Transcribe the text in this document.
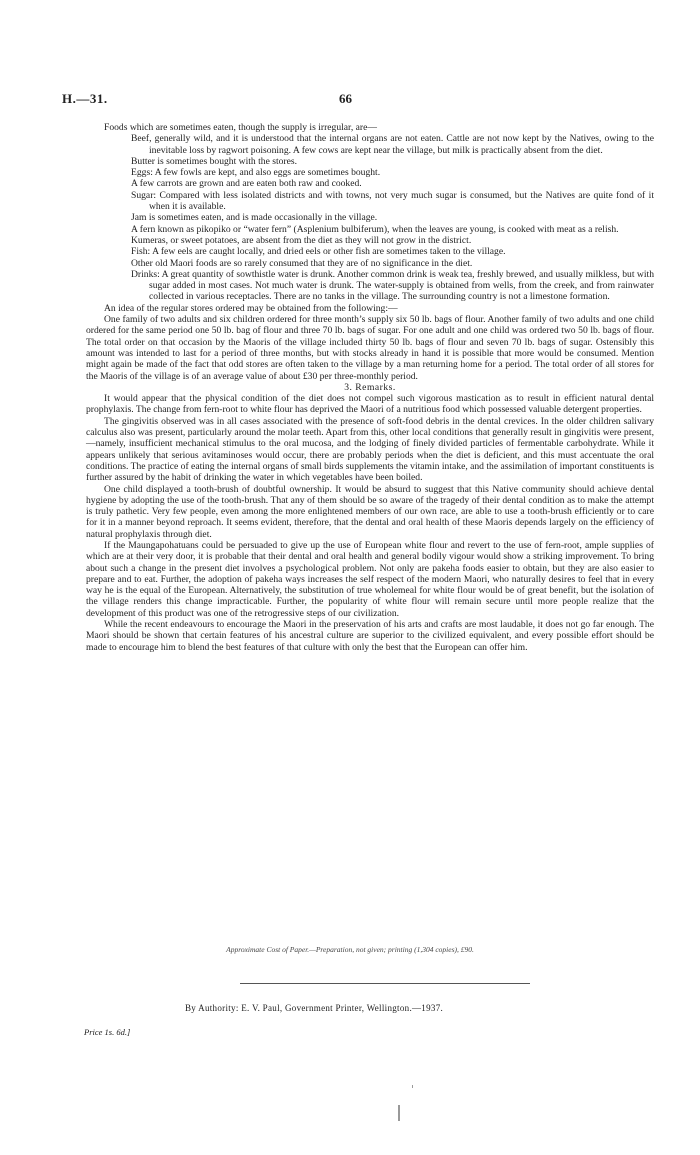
H.—31.	66

Foods which are sometimes eaten, though the supply is irregular, are—

Beef, generally wild, and it is understood that the internal organs are not eaten. Cattle are not now kept by the Natives, owing to the inevitable loss by ragwort poisoning. A few cows are kept near the village, but milk is practically absent from the diet.

Butter is sometimes bought with the stores.

Eggs: A few fowls are kept, and also eggs are sometimes bought.

A few carrots are grown and are eaten both raw and cooked.

Sugar: Compared with less isolated districts and with towns, not very much sugar is consumed, but the Natives are quite fond of it when it is available.

Jam is sometimes eaten, and is made occasionally in the village.

A fern known as pikopiko or “water fern” (Asplenium bulbiferum), when the leaves are young, is cooked with meat as a relish.

Kumeras, or sweet potatoes, are absent from the diet as they will not grow in the district.

Fish: A few eels are caught locally, and dried eels or other fish are sometimes taken to the village.

Other old Maori foods are so rarely consumed that they are of no significance in the diet.

Drinks: A great quantity of sowthistle water is drunk. Another common drink is weak tea, freshly brewed, and usually milkless, but with sugar added in most cases. Not much water is drunk. The water-supply is obtained from wells, from the creek, and from rainwater collected in various receptacles. There are no tanks in the village. The surrounding country is not a limestone formation.

An idea of the regular stores ordered may be obtained from the following:—

One family of two adults and six children ordered for three month’s supply six 50 lb. bags of flour. Another family of two adults and one child ordered for the same period one 50 lb. bag of flour and three 70 lb. bags of sugar. For one adult and one child was ordered two 50 lb. bags of flour. The total order on that occasion by the Maoris of the village included thirty 50 lb. bags of flour and seven 70 lb. bags of sugar. Ostensibly this amount was intended to last for a period of three months, but with stocks already in hand it is possible that more would be consumed. Mention might again be made of the fact that odd stores are often taken to the village by a man returning home for a period. The total order of all stores for the Maoris of the village is of an average value of about £30 per three-monthly period.

3. Remarks.

It would appear that the physical condition of the diet does not compel such vigorous mastication as to result in efficient natural dental prophylaxis. The change from fern-root to white flour has deprived the Maori of a nutritious food which possessed valuable detergent properties.

The gingivitis observed was in all cases associated with the presence of soft-food debris in the dental crevices. In the older children salivary calculus also was present, particularly around the molar teeth. Apart from this, other local conditions that generally result in gingivitis were present,—namely, insufficient mechanical stimulus to the oral mucosa, and the lodging of finely divided particles of fermentable carbohydrate. While it appears unlikely that serious avitaminoses would occur, there are probably periods when the diet is deficient, and this must accentuate the oral conditions. The practice of eating the internal organs of small birds supplements the vitamin intake, and the assimilation of important constituents is further assured by the habit of drinking the water in which vegetables have been boiled.

One child displayed a tooth-brush of doubtful ownership. It would be absurd to suggest that this Native community should achieve dental hygiene by adopting the use of the tooth-brush. That any of them should be so aware of the tragedy of their dental condition as to make the attempt is truly pathetic. Very few people, even among the more enlightened members of our own race, are able to use a tooth-brush efficiently or to care for it in a manner beyond reproach. It seems evident, therefore, that the dental and oral health of these Maoris depends largely on the efficiency of natural prophylaxis through diet.

If the Maungapohatuans could be persuaded to give up the use of European white flour and revert to the use of fern-root, ample supplies of which are at their very door, it is probable that their dental and oral health and general bodily vigour would show a striking improvement. To bring about such a change in the present diet involves a psychological problem. Not only are pakeha foods easier to obtain, but they are also easier to prepare and to eat. Further, the adoption of pakeha ways increases the self respect of the modern Maori, who naturally desires to feel that in every way he is the equal of the European. Alternatively, the substitution of true wholemeal for white flour would be of great benefit, but the isolation of the village renders this change impracticable. Further, the popularity of white flour will remain secure until more people realize that the development of this product was one of the retrogressive steps of our civilization.

While the recent endeavours to encourage the Maori in the preservation of his arts and crafts are most laudable, it does not go far enough. The Maori should be shown that certain features of his ancestral culture are superior to the civilized equivalent, and every possible effort should be made to encourage him to blend the best features of that culture with only the best that the European can offer him.

Approximate Cost of Paper.—Preparation, not given; printing (1,304 copies), £90.
By Authority: E. V. Paul, Government Printer, Wellington.—1937.
Price 1s. 6d.]
